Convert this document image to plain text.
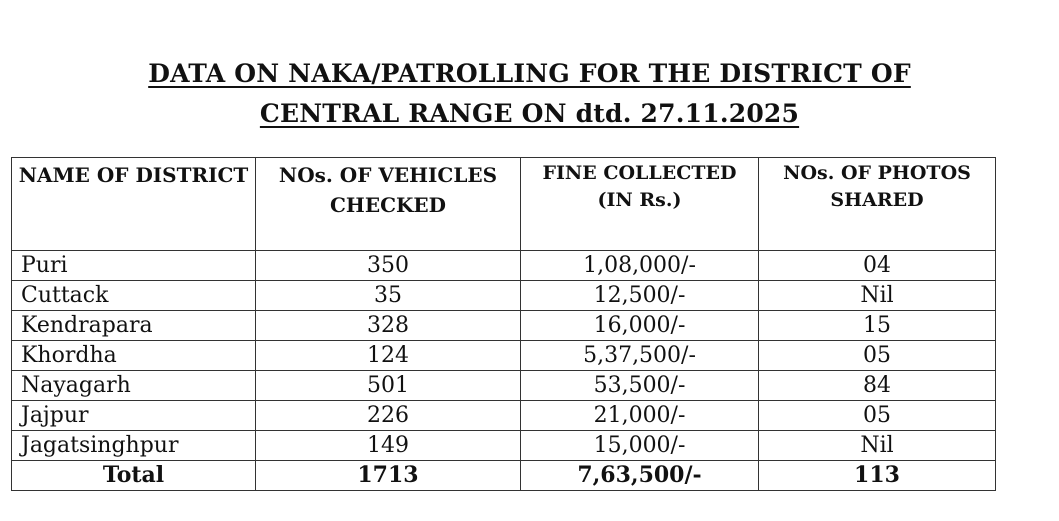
DATA ON NAKA/PATROLLING FOR THE DISTRICT OF
CENTRAL RANGE ON dtd. 27.11.2025
NAME OF DISTRICT	NOs. OF VEHICLES CHECKED	FINE COLLECTED (IN Rs.)	NOs. OF PHOTOS SHARED
Puri	350	1,08,000/-	04
Cuttack	35	12,500/-	Nil
Kendrapara	328	16,000/-	15
Khordha	124	5,37,500/-	05
Nayagarh	501	53,500/-	84
Jajpur	226	21,000/-	05
Jagatsinghpur	149	15,000/-	Nil
Total	1713	7,63,500/-	113
